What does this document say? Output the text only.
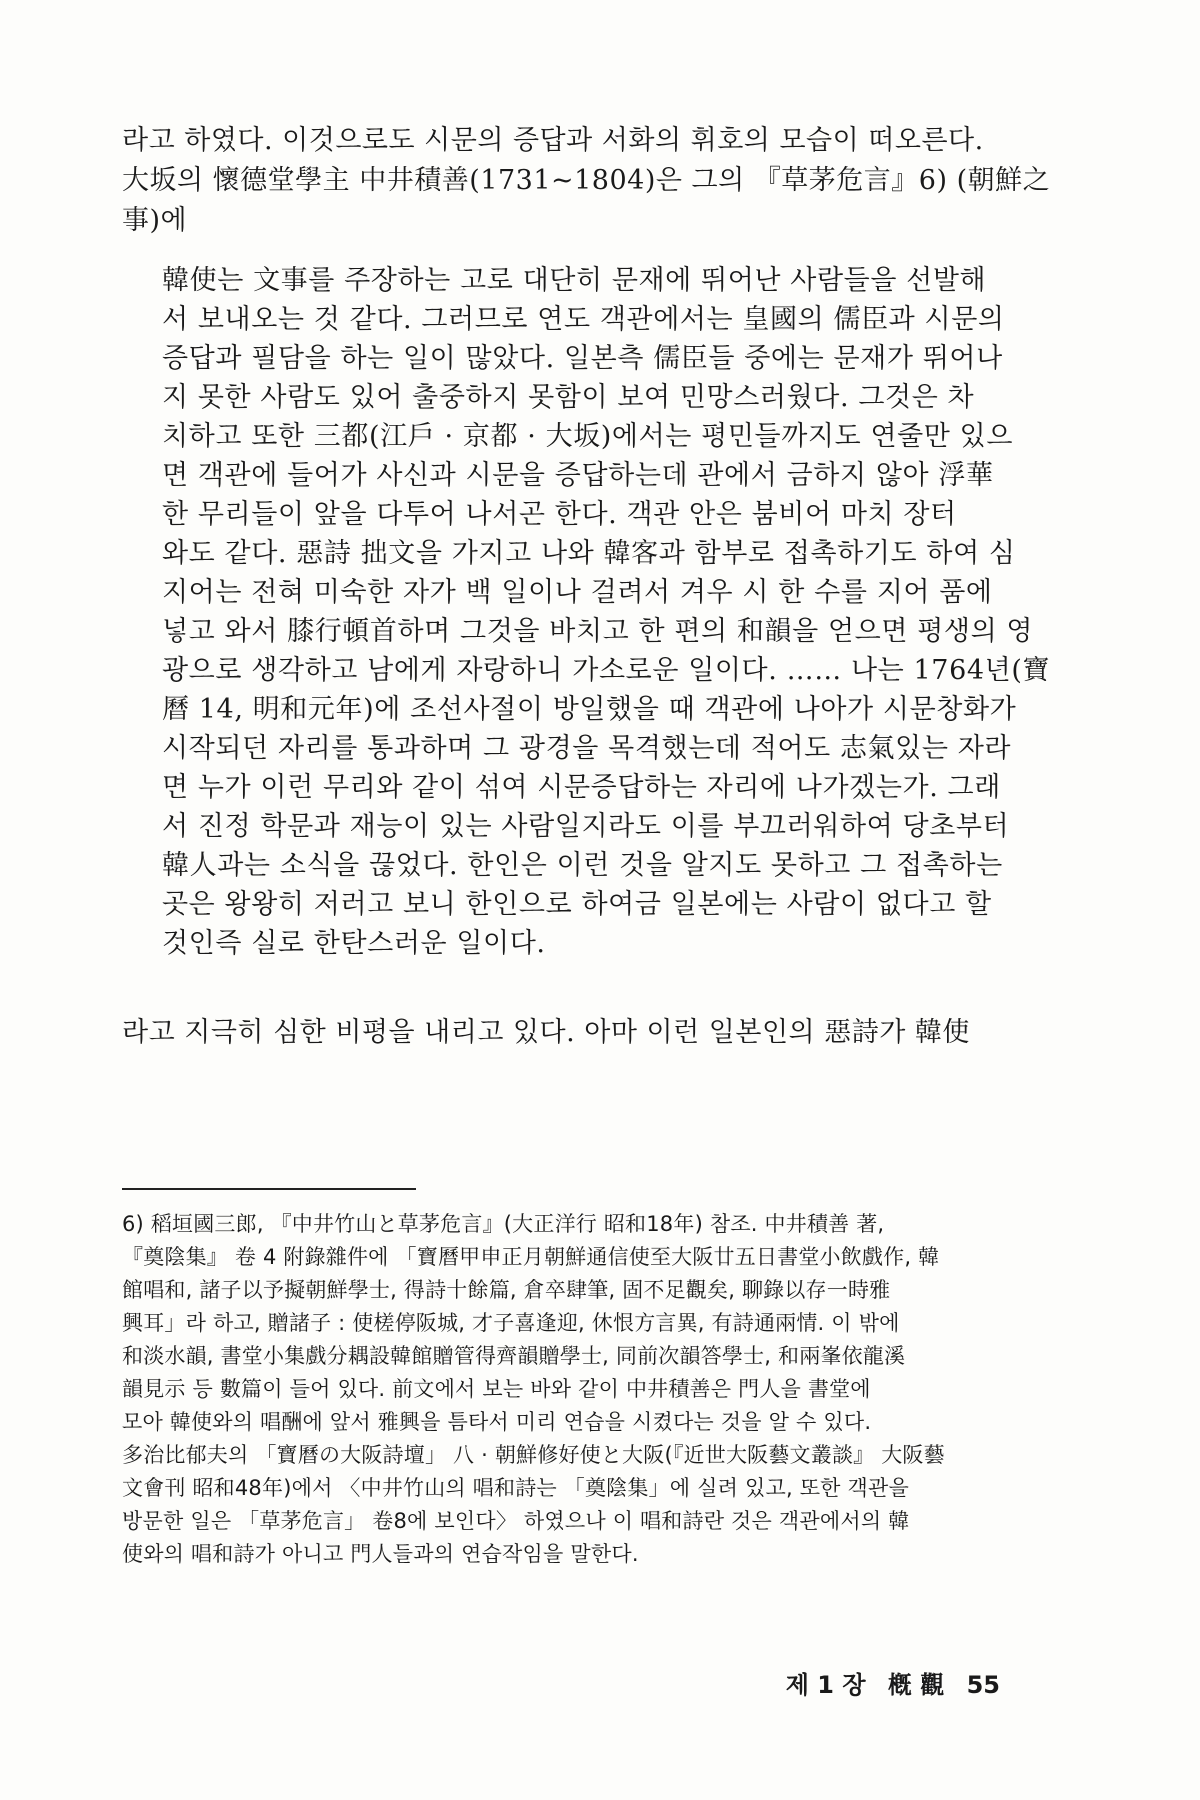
라고 하였다. 이것으로도 시문의 증답과 서화의 휘호의 모습이 떠오른다.
大坂의 懷德堂學主 中井積善(1731~1804)은 그의 『草茅危言』6) (朝鮮之
事)에
韓使는 文事를 주장하는 고로 대단히 문재에 뛰어난 사람들을 선발해
서 보내오는 것 같다. 그러므로 연도 객관에서는 皇國의 儒臣과 시문의
증답과 필담을 하는 일이 많았다. 일본측 儒臣들 중에는 문재가 뛰어나
지 못한 사람도 있어 출중하지 못함이 보여 민망스러웠다. 그것은 차
치하고 또한 三都(江戶 · 京都 · 大坂)에서는 평민들까지도 연줄만 있으
면 객관에 들어가 사신과 시문을 증답하는데 관에서 금하지 않아 浮華
한 무리들이 앞을 다투어 나서곤 한다. 객관 안은 붐비어 마치 장터
와도 같다. 惡詩 拙文을 가지고 나와 韓客과 함부로 접촉하기도 하여 심
지어는 전혀 미숙한 자가 백 일이나 걸려서 겨우 시 한 수를 지어 품에
넣고 와서 膝行頓首하며 그것을 바치고 한 편의 和韻을 얻으면 평생의 영
광으로 생각하고 남에게 자랑하니 가소로운 일이다. …… 나는 1764년(寶
曆 14, 明和元年)에 조선사절이 방일했을 때 객관에 나아가 시문창화가
시작되던 자리를 통과하며 그 광경을 목격했는데 적어도 志氣있는 자라
면 누가 이런 무리와 같이 섞여 시문증답하는 자리에 나가겠는가. 그래
서 진정 학문과 재능이 있는 사람일지라도 이를 부끄러워하여 당초부터
韓人과는 소식을 끊었다. 한인은 이런 것을 알지도 못하고 그 접촉하는
곳은 왕왕히 저러고 보니 한인으로 하여금 일본에는 사람이 없다고 할
것인즉 실로 한탄스러운 일이다.
라고 지극히 심한 비평을 내리고 있다. 아마 이런 일본인의 惡詩가 韓使
6) 稻垣國三郎, 『中井竹山と草茅危言』(大正洋行 昭和18年) 참조. 中井積善 著,
『奠陰集』 卷 4 附錄雜件에 「寶曆甲申正月朝鮮通信使至大阪廿五日書堂小飲戲作, 韓
館唱和, 諸子以予擬朝鮮學士, 得詩十餘篇, 倉卒肆筆, 固不足觀矣, 聊錄以存一時雅
興耳」라 하고, 贈諸子 : 使槎停阪城, 才子喜逢迎, 休恨方言異, 有詩通兩情. 이 밖에
和淡水韻, 書堂小集戲分耦設韓館贈管得齊韻贈學士, 同前次韻答學士, 和兩峯依龍溪
韻見示 등 數篇이 들어 있다. 前文에서 보는 바와 같이 中井積善은 門人을 書堂에
모아 韓使와의 唱酬에 앞서 雅興을 틈타서 미리 연습을 시켰다는 것을 알 수 있다.
多治比郁夫의 「寶曆の大阪詩壇」 八 · 朝鮮修好使と大阪(『近世大阪藝文叢談』 大阪藝
文會刊 昭和48年)에서 〈中井竹山의 唱和詩는 「奠陰集」에 실려 있고, 또한 객관을
방문한 일은 「草茅危言」 卷8에 보인다〉 하였으나 이 唱和詩란 것은 객관에서의 韓
使와의 唱和詩가 아니고 門人들과의 연습작임을 말한다.
제 1 장 槪 觀 55
